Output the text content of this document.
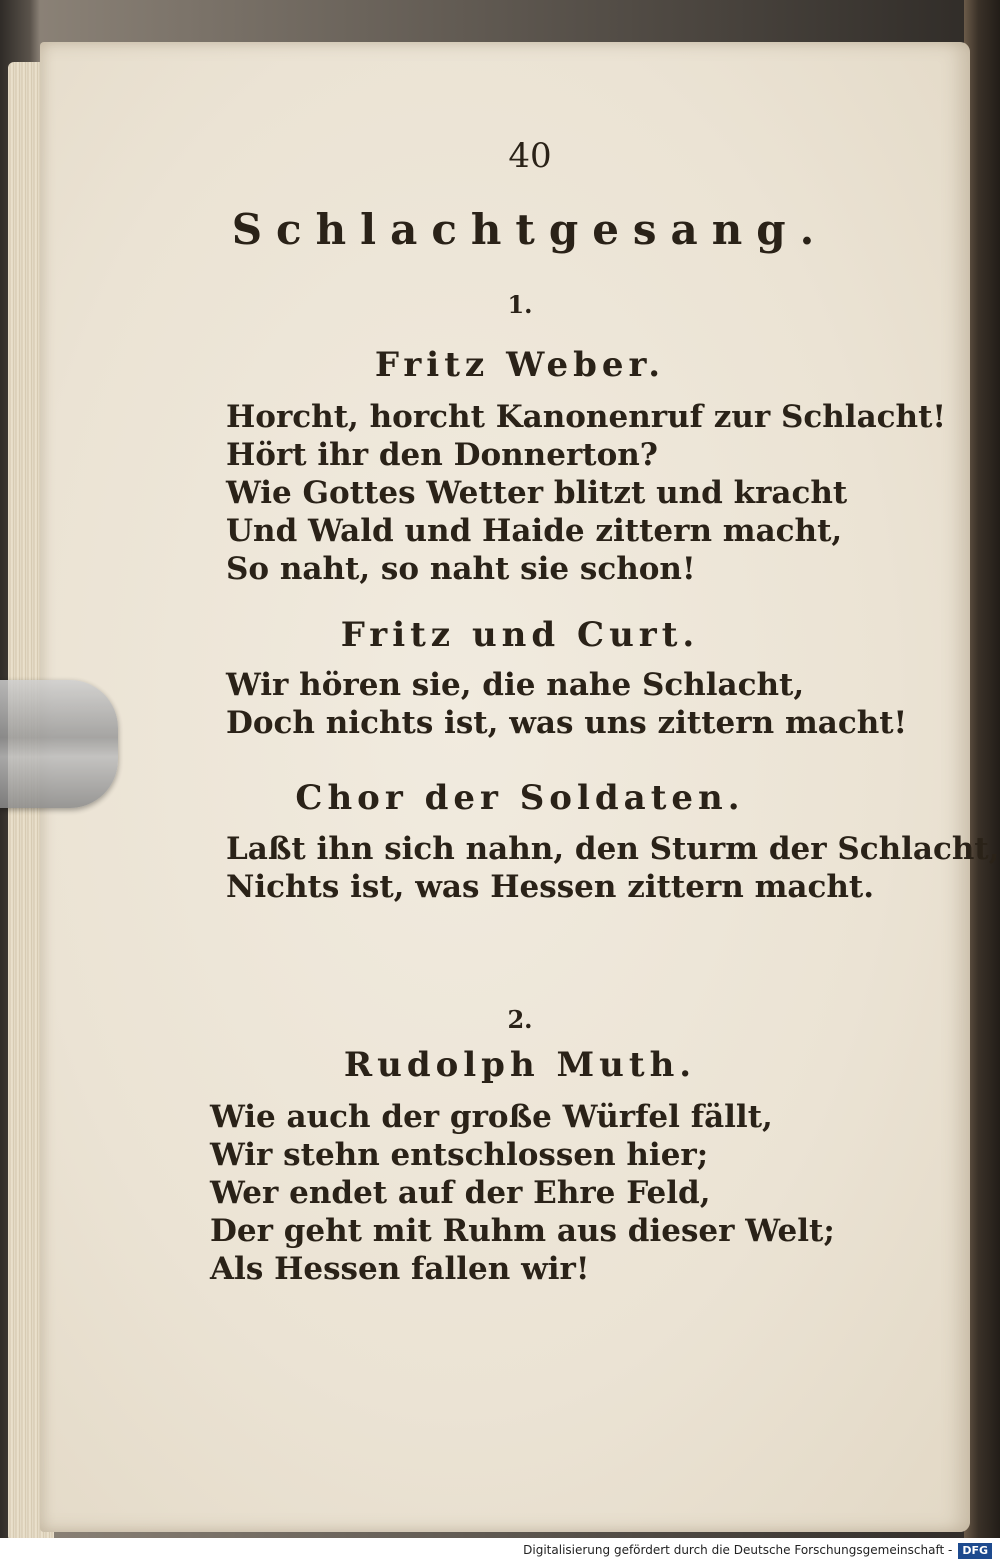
40
Schlachtgesang.
1.
Fritz Weber.
Horcht, horcht Kanonenruf zur Schlacht!
Hört ihr den Donnerton?
Wie Gottes Wetter blitzt und kracht
Und Wald und Haide zittern macht,
So naht, so naht sie schon!
Fritz und Curt.
Wir hören sie, die nahe Schlacht,
Doch nichts ist, was uns zittern macht!
Chor der Soldaten.
Laßt ihn sich nahn, den Sturm der Schlacht,
Nichts ist, was Hessen zittern macht.
2.
Rudolph Muth.
Wie auch der große Würfel fällt,
Wir stehn entschlossen hier;
Wer endet auf der Ehre Feld,
Der geht mit Ruhm aus dieser Welt;
Als Hessen fallen wir!
Digitalisierung gefördert durch die Deutsche Forschungsgemeinschaft - DFG
